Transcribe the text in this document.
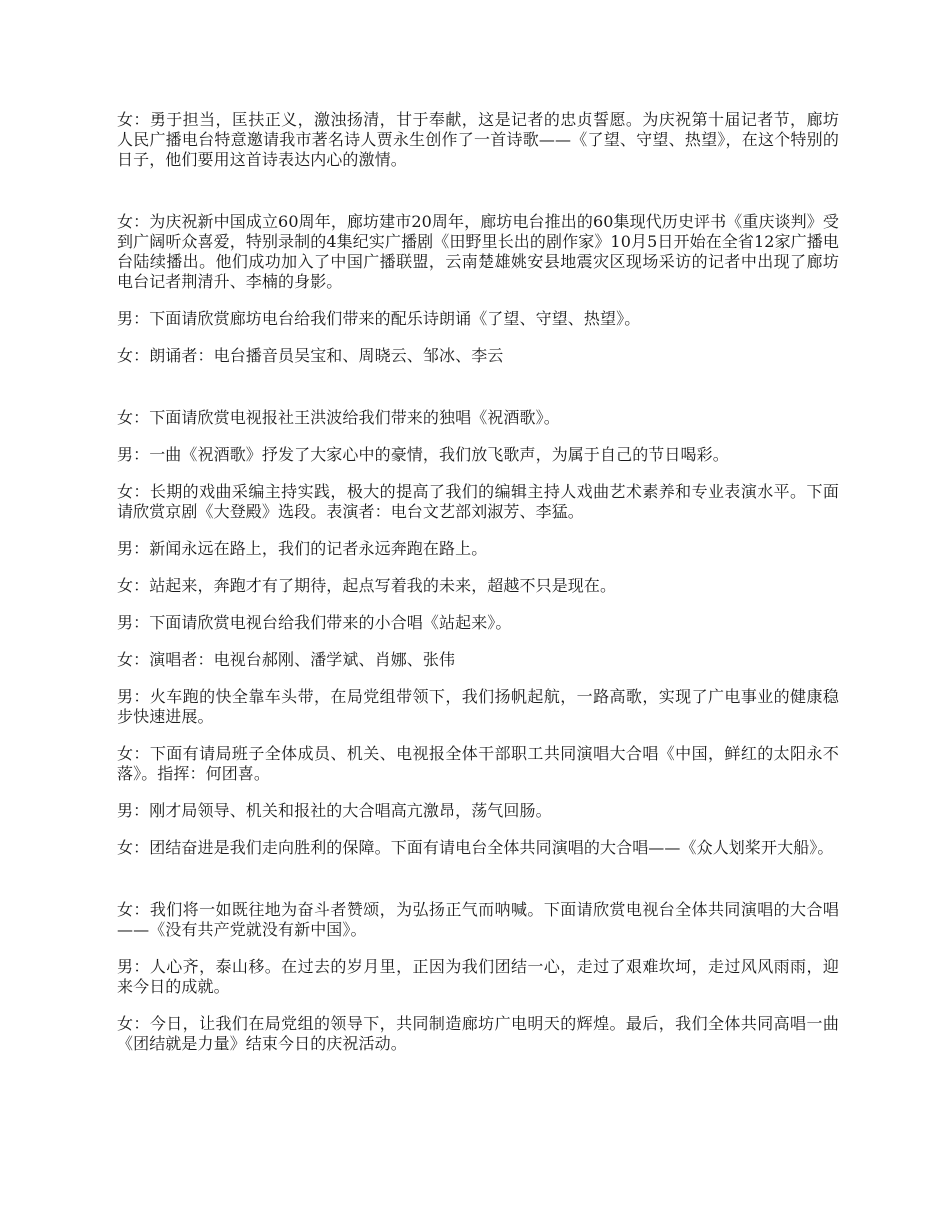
女：勇于担当，匡扶正义，激浊扬清，甘于奉献，这是记者的忠贞誓愿。为庆祝第十届记者节，廊坊人民广播电台特意邀请我市著名诗人贾永生创作了一首诗歌——《了望、守望、热望》，在这个特别的日子，他们要用这首诗表达内心的激情。

女：为庆祝新中国成立60周年，廊坊建市20周年，廊坊电台推出的60集现代历史评书《重庆谈判》受到广阔听众喜爱，特别录制的4集纪实广播剧《田野里长出的剧作家》10月5日开始在全省12家广播电台陆续播出。他们成功加入了中国广播联盟，云南楚雄姚安县地震灾区现场采访的记者中出现了廊坊电台记者荆清升、李楠的身影。

男：下面请欣赏廊坊电台给我们带来的配乐诗朗诵《了望、守望、热望》。

女：朗诵者：电台播音员吴宝和、周晓云、邹冰、李云

女：下面请欣赏电视报社王洪波给我们带来的独唱《祝酒歌》。

男：一曲《祝酒歌》抒发了大家心中的豪情，我们放飞歌声，为属于自己的节日喝彩。

女：长期的戏曲采编主持实践，极大的提高了我们的编辑主持人戏曲艺术素养和专业表演水平。下面请欣赏京剧《大登殿》选段。表演者：电台文艺部刘淑芳、李猛。

男：新闻永远在路上，我们的记者永远奔跑在路上。

女：站起来，奔跑才有了期待，起点写着我的未来，超越不只是现在。

男：下面请欣赏电视台给我们带来的小合唱《站起来》。

女：演唱者：电视台郝刚、潘学斌、肖娜、张伟

男：火车跑的快全靠车头带，在局党组带领下，我们扬帆起航，一路高歌，实现了广电事业的健康稳步快速进展。

女：下面有请局班子全体成员、机关、电视报全体干部职工共同演唱大合唱《中国，鲜红的太阳永不落》。指挥：何团喜。

男：刚才局领导、机关和报社的大合唱高亢激昂，荡气回肠。

女：团结奋进是我们走向胜利的保障。下面有请电台全体共同演唱的大合唱——《众人划桨开大船》。

女：我们将一如既往地为奋斗者赞颂，为弘扬正气而呐喊。下面请欣赏电视台全体共同演唱的大合唱——《没有共产党就没有新中国》。

男：人心齐，泰山移。在过去的岁月里，正因为我们团结一心，走过了艰难坎坷，走过风风雨雨，迎来今日的成就。

女：今日，让我们在局党组的领导下，共同制造廊坊广电明天的辉煌。最后，我们全体共同高唱一曲《团结就是力量》结束今日的庆祝活动。
